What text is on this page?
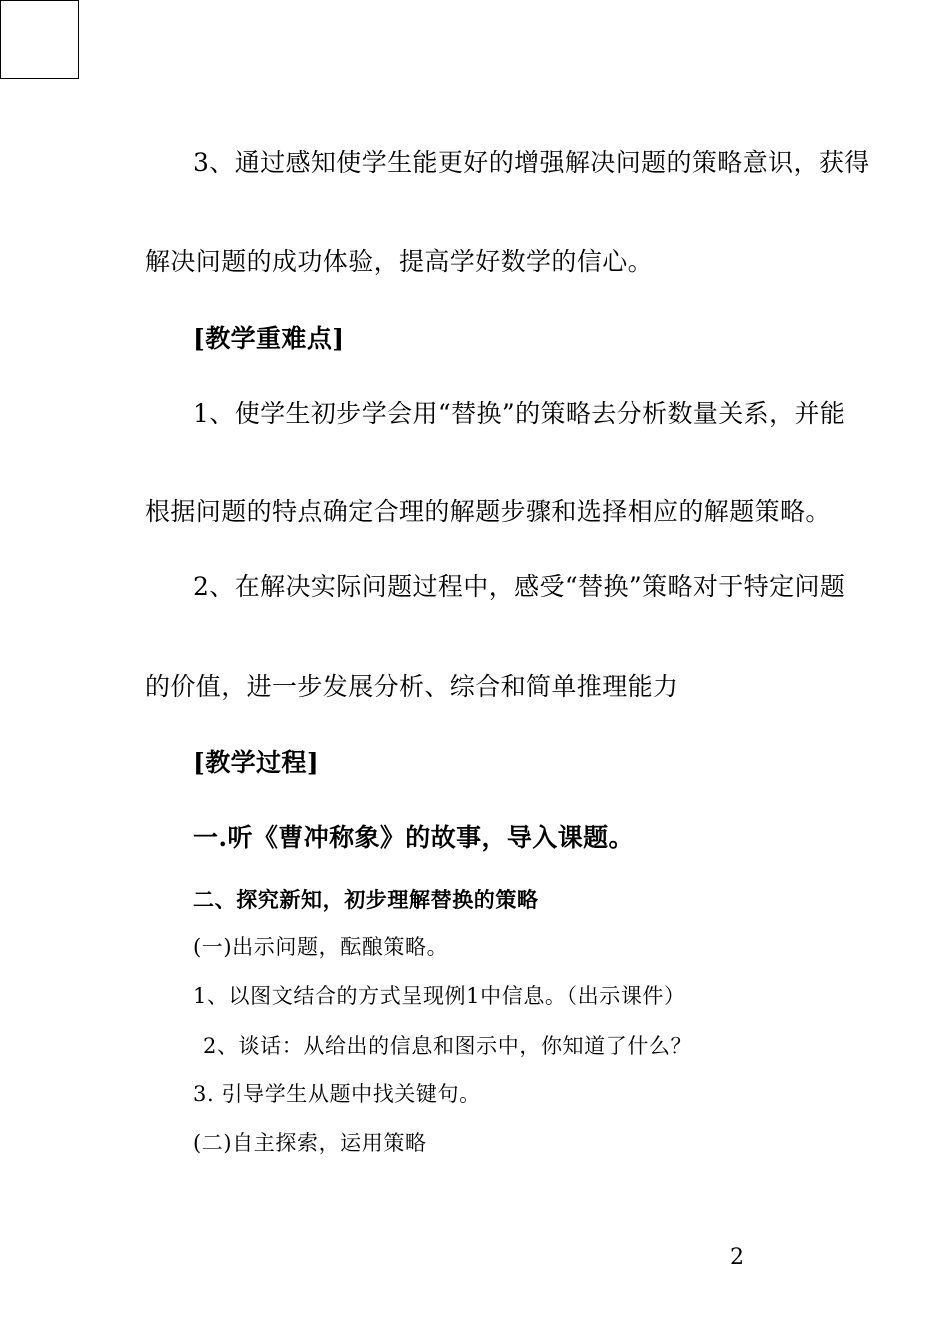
3、通过感知使学生能更好的增强解决问题的策略意识，获得
解决问题的成功体验，提高学好数学的信心。
[教学重难点]
1、使学生初步学会用“替换”的策略去分析数量关系，并能
根据问题的特点确定合理的解题步骤和选择相应的解题策略。
2、在解决实际问题过程中，感受“替换”策略对于特定问题
的价值，进一步发展分析、综合和简单推理能力
[教学过程]
一.听《曹冲称象》的故事，导入课题。
二、探究新知，初步理解替换的策略
(一)出示问题，酝酿策略。
1、以图文结合的方式呈现例1中信息。（出示课件）
2、谈话：从给出的信息和图示中，你知道了什么？
3. 引导学生从题中找关键句。
(二)自主探索，运用策略
2
